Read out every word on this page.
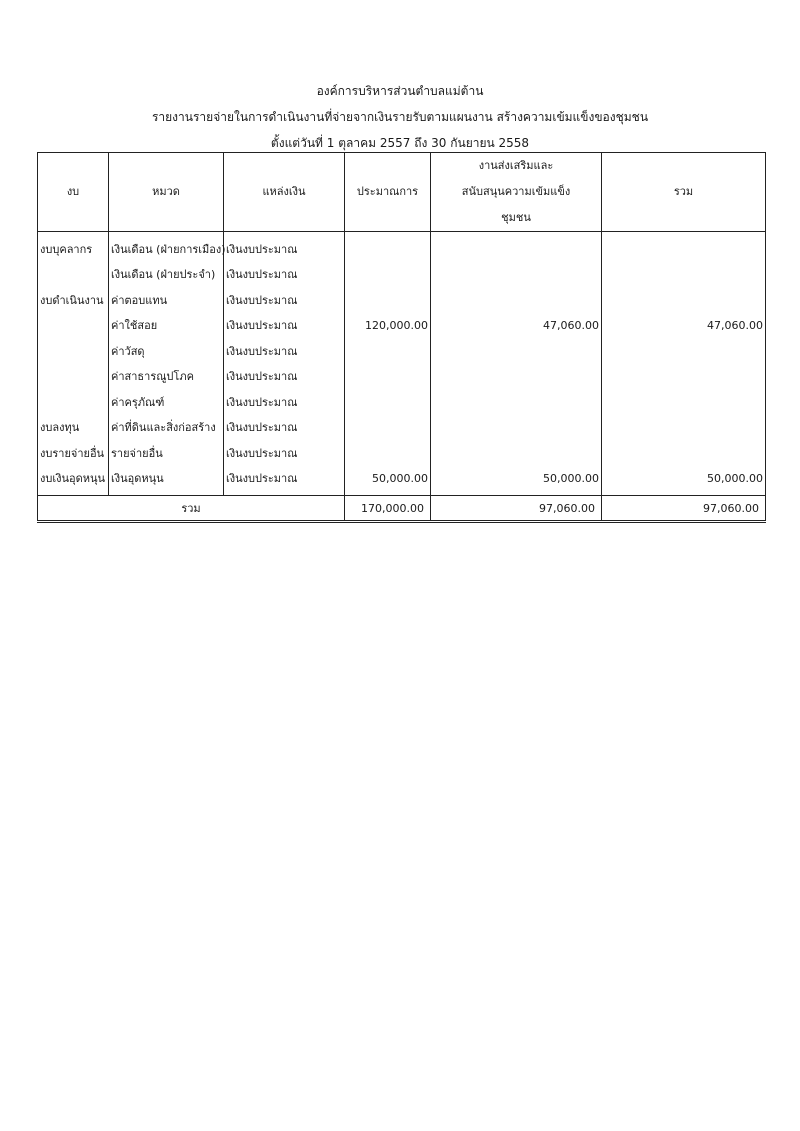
องค์การบริหารส่วนตำบลแม่ต้าน
รายงานรายจ่ายในการดำเนินงานที่จ่ายจากเงินรายรับตามแผนงาน สร้างความเข้มแข็งของชุมชน
ตั้งแต่วันที่ 1 ตุลาคม 2557 ถึง 30 กันยายน 2558
งบ	หมวด	แหล่งเงิน	ประมาณการ	งานส่งเสริมและ
สนับสนุนความเข้มแข็ง
ชุมชน	รวม
งบบุคลากร	เงินเดือน (ฝ่ายการเมือง)	เงินงบประมาณ			
	เงินเดือน (ฝ่ายประจำ)	เงินงบประมาณ			
งบดำเนินงาน	ค่าตอบแทน	เงินงบประมาณ			
	ค่าใช้สอย	เงินงบประมาณ	120,000.00	47,060.00	47,060.00
	ค่าวัสดุ	เงินงบประมาณ			
	ค่าสาธารณูปโภค	เงินงบประมาณ			
	ค่าครุภัณฑ์	เงินงบประมาณ			
งบลงทุน	ค่าที่ดินและสิ่งก่อสร้าง	เงินงบประมาณ			
งบรายจ่ายอื่น	รายจ่ายอื่น	เงินงบประมาณ			
งบเงินอุดหนุน	เงินอุดหนุน	เงินงบประมาณ	50,000.00	50,000.00	50,000.00
รวม			170,000.00	97,060.00	97,060.00
